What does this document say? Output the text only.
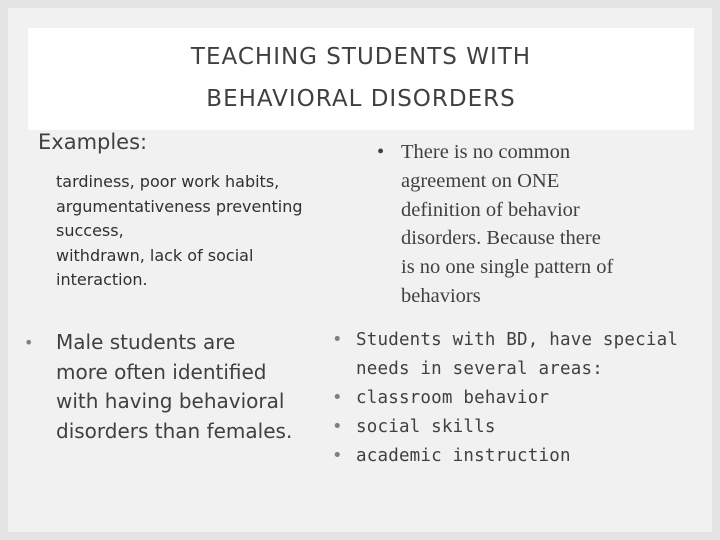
TEACHING STUDENTS WITH
BEHAVIORAL DISORDERS
Examples:
tardiness, poor work habits,
argumentativeness preventing
success,
withdrawn, lack of social
interaction.
• There is no common
agreement on ONE
definition of behavior
disorders. Because there
is no one single pattern of
behaviors
• Male students are
more often identified
with having behavioral
disorders than females.
• Students with BD, have special
needs in several areas:
• classroom behavior
• social skills
• academic instruction
